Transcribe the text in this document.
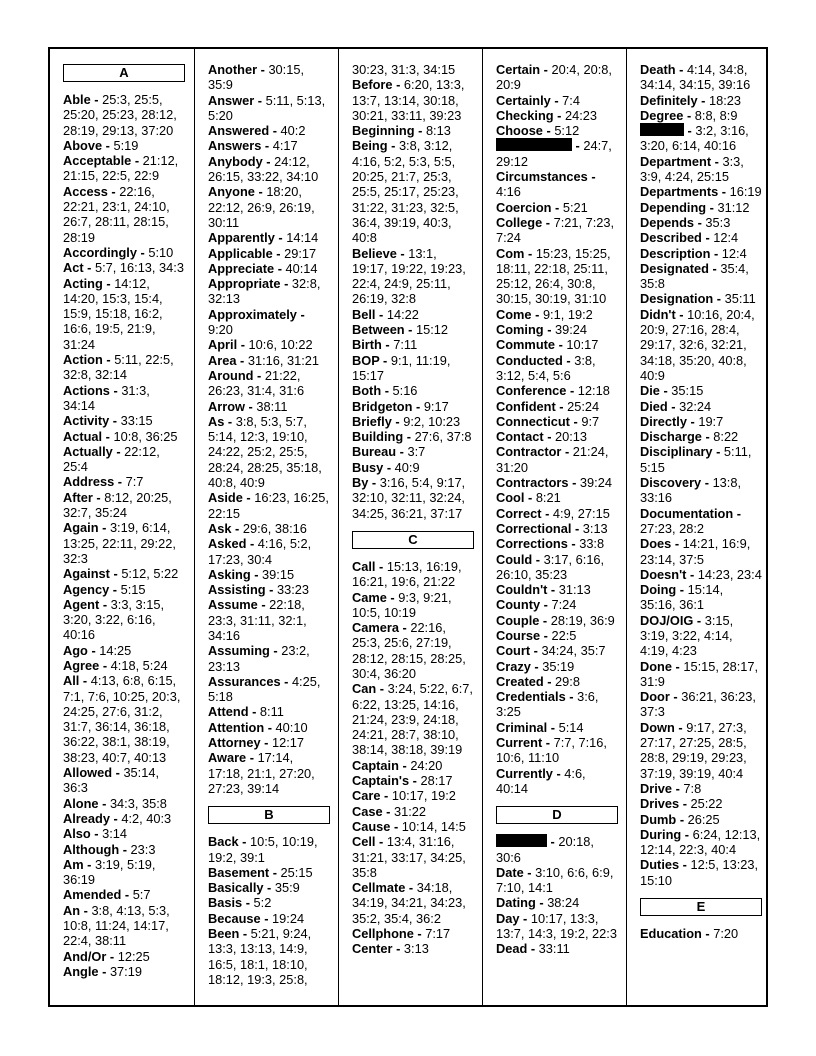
A
Able - 25:3, 25:5, 25:20, 25:23, 28:12, 28:19, 29:13, 37:20
Above - 5:19
Acceptable - 21:12, 21:15, 22:5, 22:9
Access - 22:16, 22:21, 23:1, 24:10, 26:7, 28:11, 28:15, 28:19
Accordingly - 5:10
Act - 5:7, 16:13, 34:3
Acting - 14:12, 14:20, 15:3, 15:4, 15:9, 15:18, 16:2, 16:6, 19:5, 21:9, 31:24
Action - 5:11, 22:5, 32:8, 32:14
Actions - 31:3, 34:14
Activity - 33:15
Actual - 10:8, 36:25
Actually - 22:12, 25:4
Address - 7:7
After - 8:12, 20:25, 32:7, 35:24
Again - 3:19, 6:14, 13:25, 22:11, 29:22, 32:3
Against - 5:12, 5:22
Agency - 5:15
Agent - 3:3, 3:15, 3:20, 3:22, 6:16, 40:16
Ago - 14:25
Agree - 4:18, 5:24
All - 4:13, 6:8, 6:15, 7:1, 7:6, 10:25, 20:3, 24:25, 27:6, 31:2, 31:7, 36:14, 36:18, 36:22, 38:1, 38:19, 38:23, 40:7, 40:13
Allowed - 35:14, 36:3
Alone - 34:3, 35:8
Already - 4:2, 40:3
Also - 3:14
Although - 23:3
Am - 3:19, 5:19, 36:19
Amended - 5:7
An - 3:8, 4:13, 5:3, 10:8, 11:24, 14:17, 22:4, 38:11
And/Or - 12:25
Angle - 37:19
Another - 30:15, 35:9
Answer - 5:11, 5:13, 5:20
Answered - 40:2
Answers - 4:17
Anybody - 24:12, 26:15, 33:22, 34:10
Anyone - 18:20, 22:12, 26:9, 26:19, 30:11
Apparently - 14:14
Applicable - 29:17
Appreciate - 40:14
Appropriate - 32:8, 32:13
Approximately - 9:20
April - 10:6, 10:22
Area - 31:16, 31:21
Around - 21:22, 26:23, 31:4, 31:6
Arrow - 38:11
As - 3:8, 5:3, 5:7, 5:14, 12:3, 19:10, 24:22, 25:2, 25:5, 28:24, 28:25, 35:18, 40:8, 40:9
Aside - 16:23, 16:25, 22:15
Ask - 29:6, 38:16
Asked - 4:16, 5:2, 17:23, 30:4
Asking - 39:15
Assisting - 33:23
Assume - 22:18, 23:3, 31:11, 32:1, 34:16
Assuming - 23:2, 23:13
Assurances - 4:25, 5:18
Attend - 8:11
Attention - 40:10
Attorney - 12:17
Aware - 17:14, 17:18, 21:1, 27:20, 27:23, 39:14
B
Back - 10:5, 10:19, 19:2, 39:1
Basement - 25:15
Basically - 35:9
Basis - 5:2
Because - 19:24
Been - 5:21, 9:24, 13:3, 13:13, 14:9, 16:5, 18:1, 18:10, 18:12, 19:3, 25:8,
30:23, 31:3, 34:15
Before - 6:20, 13:3, 13:7, 13:14, 30:18, 30:21, 33:11, 39:23
Beginning - 8:13
Being - 3:8, 3:12, 4:16, 5:2, 5:3, 5:5, 20:25, 21:7, 25:3, 25:5, 25:17, 25:23, 31:22, 31:23, 32:5, 36:4, 39:19, 40:3, 40:8
Believe - 13:1, 19:17, 19:22, 19:23, 22:4, 24:9, 25:11, 26:19, 32:8
Bell - 14:22
Between - 15:12
Birth - 7:11
BOP - 9:1, 11:19, 15:17
Both - 5:16
Bridgeton - 9:17
Briefly - 9:2, 10:23
Building - 27:6, 37:8
Bureau - 3:7
Busy - 40:9
By - 3:16, 5:4, 9:17, 32:10, 32:11, 32:24, 34:25, 36:21, 37:17
C
Call - 15:13, 16:19, 16:21, 19:6, 21:22
Came - 9:3, 9:21, 10:5, 10:19
Camera - 22:16, 25:3, 25:6, 27:19, 28:12, 28:15, 28:25, 30:4, 36:20
Can - 3:24, 5:22, 6:7, 6:22, 13:25, 14:16, 21:24, 23:9, 24:18, 24:21, 28:7, 38:10, 38:14, 38:18, 39:19
Captain - 24:20
Captain's - 28:17
Care - 10:17, 19:2
Case - 31:22
Cause - 10:14, 14:5
Cell - 13:4, 31:16, 31:21, 33:17, 34:25, 35:8
Cellmate - 34:18, 34:19, 34:21, 34:23, 35:2, 35:4, 36:2
Cellphone - 7:17
Center - 3:13
Certain - 20:4, 20:8, 20:9
Certainly - 7:4
Checking - 24:23
Choose - 5:12
- 24:7, 29:12
Circumstances - 4:16
Coercion - 5:21
College - 7:21, 7:23, 7:24
Com - 15:23, 15:25, 18:11, 22:18, 25:11, 25:12, 26:4, 30:8, 30:15, 30:19, 31:10
Come - 9:1, 19:2
Coming - 39:24
Commute - 10:17
Conducted - 3:8, 3:12, 5:4, 5:6
Conference - 12:18
Confident - 25:24
Connecticut - 9:7
Contact - 20:13
Contractor - 21:24, 31:20
Contractors - 39:24
Cool - 8:21
Correct - 4:9, 27:15
Correctional - 3:13
Corrections - 33:8
Could - 3:17, 6:16, 26:10, 35:23
Couldn't - 31:13
County - 7:24
Couple - 28:19, 36:9
Course - 22:5
Court - 34:24, 35:7
Crazy - 35:19
Created - 29:8
Credentials - 3:6, 3:25
Criminal - 5:14
Current - 7:7, 7:16, 10:6, 11:10
Currently - 4:6, 40:14
D
- 20:18, 30:6
Date - 3:10, 6:6, 6:9, 7:10, 14:1
Dating - 38:24
Day - 10:17, 13:3, 13:7, 14:3, 19:2, 22:3
Dead - 33:11
Death - 4:14, 34:8, 34:14, 34:15, 39:16
Definitely - 18:23
Degree - 8:8, 8:9
- 3:2, 3:16, 3:20, 6:14, 40:16
Department - 3:3, 3:9, 4:24, 25:15
Departments - 16:19
Depending - 31:12
Depends - 35:3
Described - 12:4
Description - 12:4
Designated - 35:4, 35:8
Designation - 35:11
Didn't - 10:16, 20:4, 20:9, 27:16, 28:4, 29:17, 32:6, 32:21, 34:18, 35:20, 40:8, 40:9
Die - 35:15
Died - 32:24
Directly - 19:7
Discharge - 8:22
Disciplinary - 5:11, 5:15
Discovery - 13:8, 33:16
Documentation - 27:23, 28:2
Does - 14:21, 16:9, 23:14, 37:5
Doesn't - 14:23, 23:4
Doing - 15:14, 35:16, 36:1
DOJ/OIG - 3:15, 3:19, 3:22, 4:14, 4:19, 4:23
Done - 15:15, 28:17, 31:9
Door - 36:21, 36:23, 37:3
Down - 9:17, 27:3, 27:17, 27:25, 28:5, 28:8, 29:19, 29:23, 37:19, 39:19, 40:4
Drive - 7:8
Drives - 25:22
Dumb - 26:25
During - 6:24, 12:13, 12:14, 22:3, 40:4
Duties - 12:5, 13:23, 15:10
E
Education - 7:20
